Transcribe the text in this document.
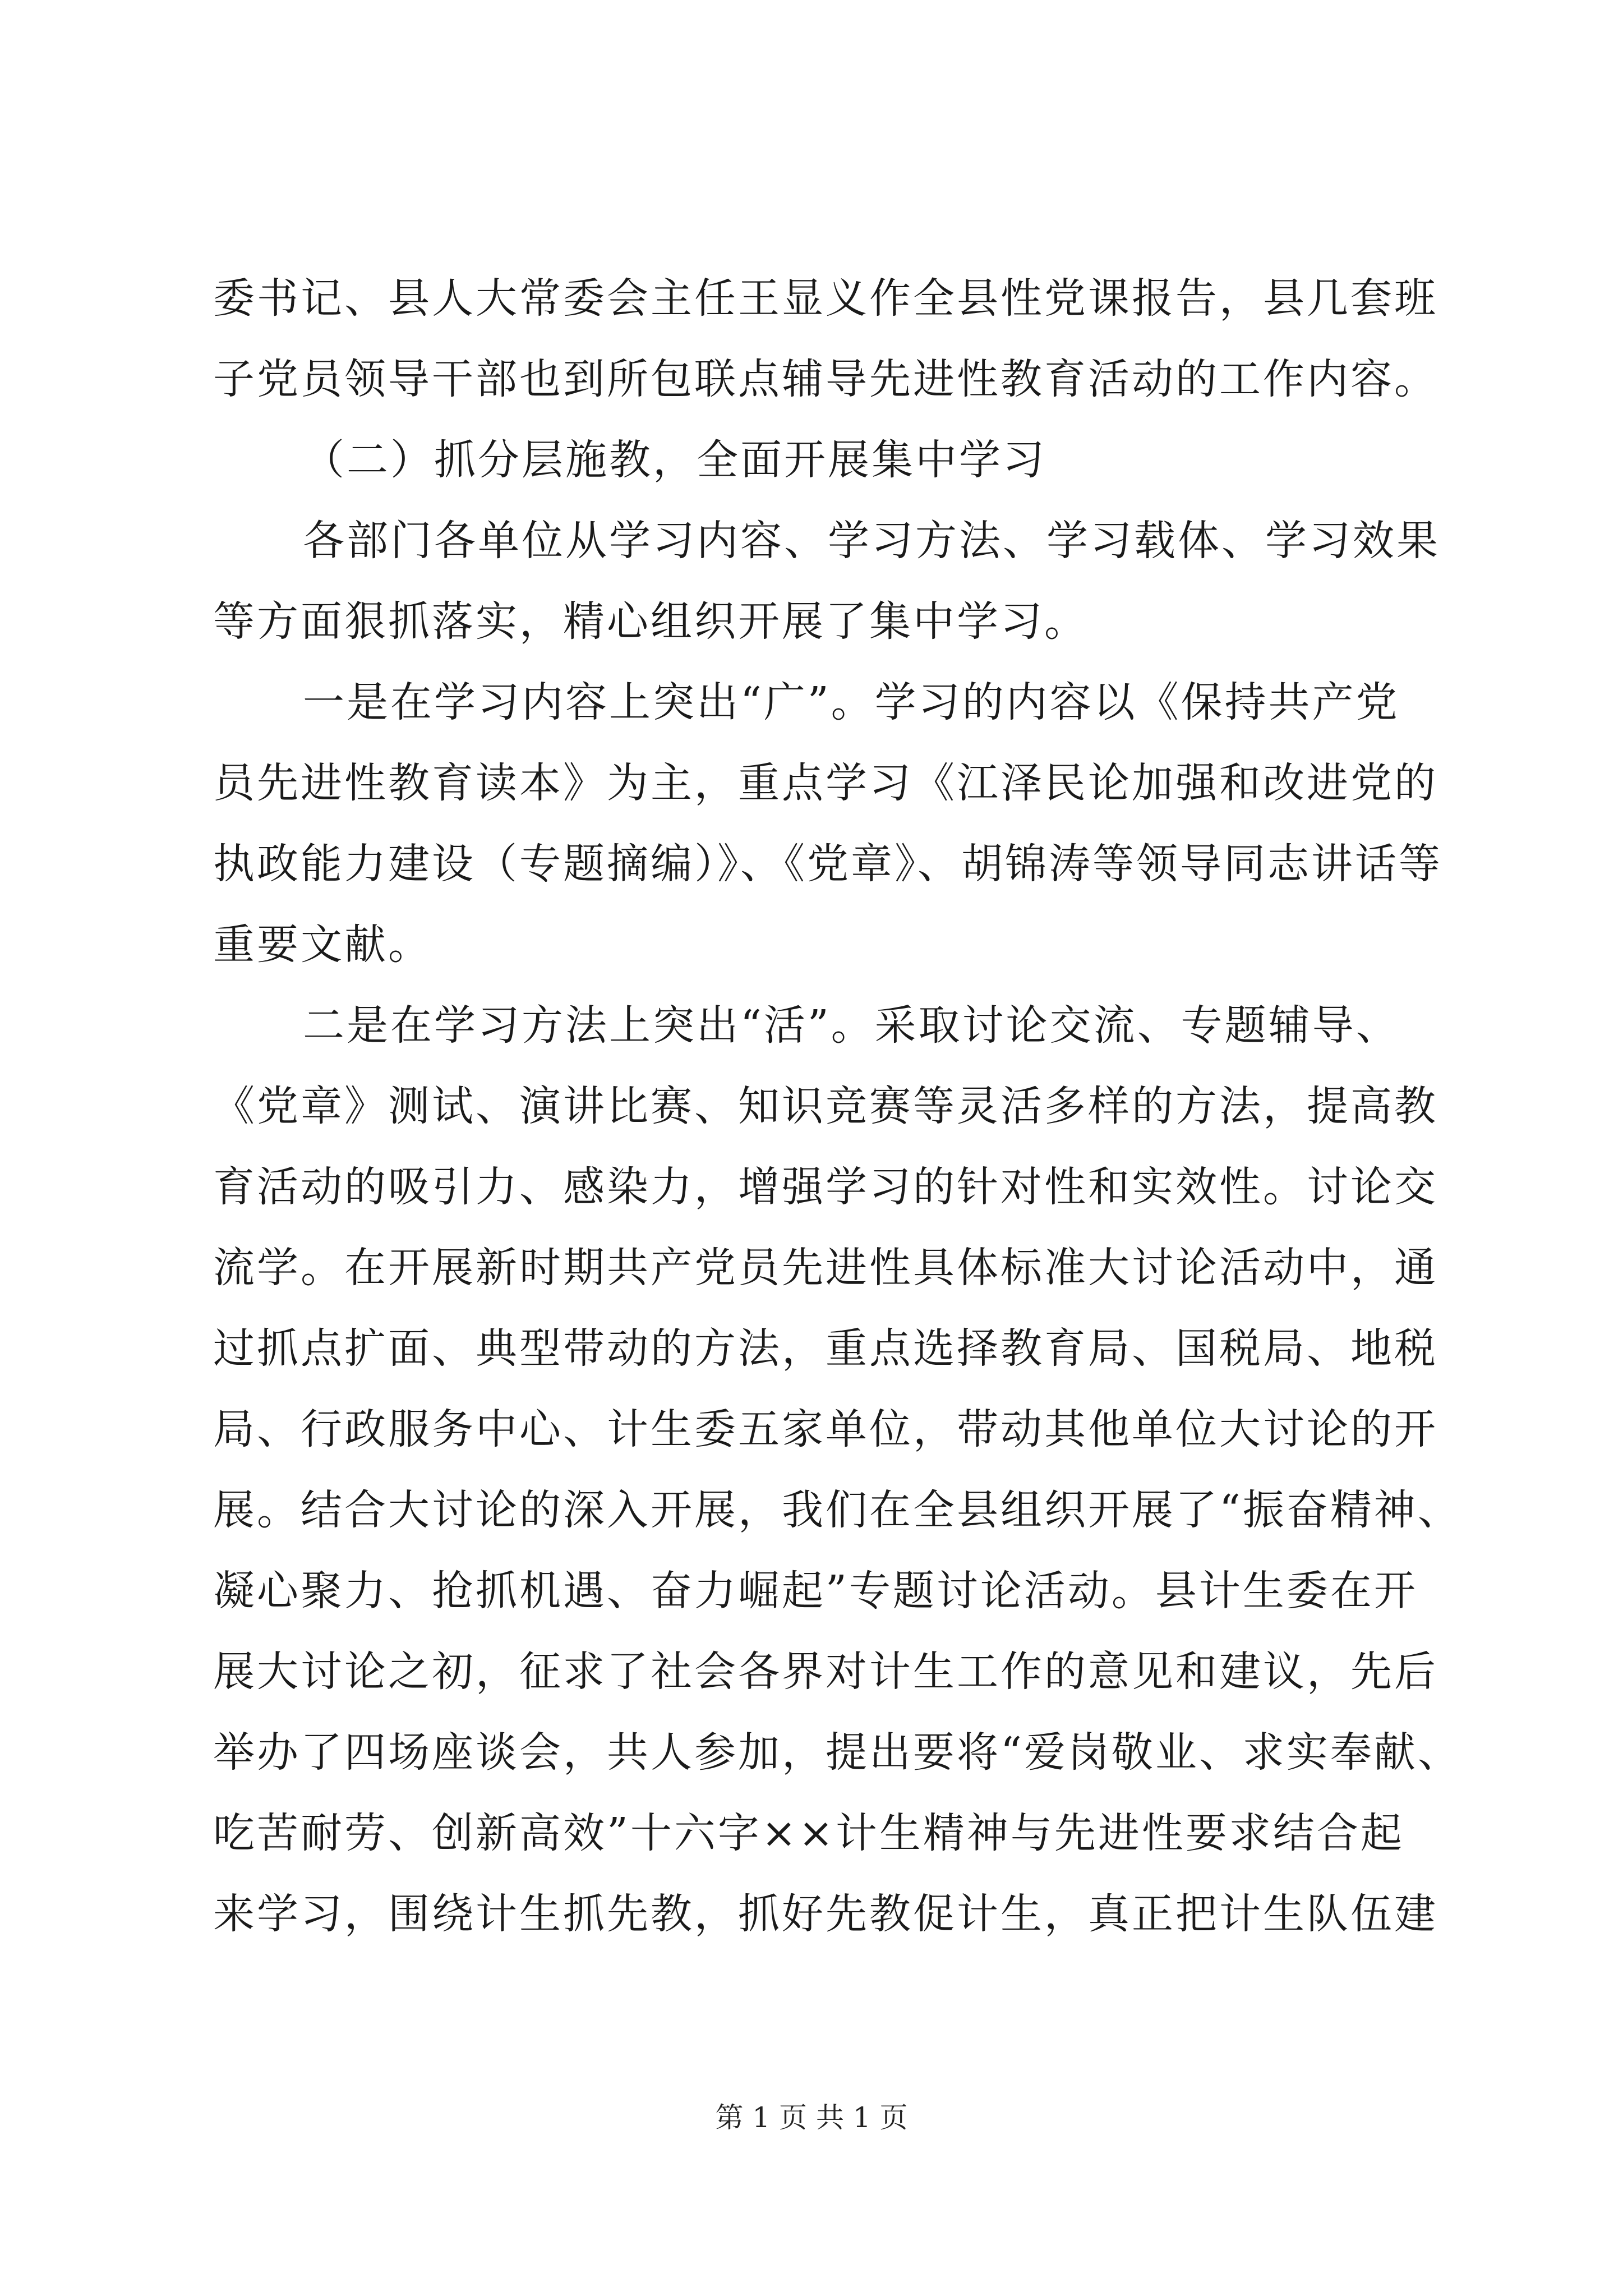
委书记、县人大常委会主任王显义作全县性党课报告，县几套班
子党员领导干部也到所包联点辅导先进性教育活动的工作内容。
（二）抓分层施教，全面开展集中学习
各部门各单位从学习内容、学习方法、学习载体、学习效果
等方面狠抓落实，精心组织开展了集中学习。
一是在学习内容上突出“广”。学习的内容以《保持共产党
员先进性教育读本》为主，重点学习《江泽民论加强和改进党的
执政能力建设（专题摘编）》、《党章》、胡锦涛等领导同志讲话等
重要文献。
二是在学习方法上突出“活”。采取讨论交流、专题辅导、
《党章》测试、演讲比赛、知识竞赛等灵活多样的方法，提高教
育活动的吸引力、感染力，增强学习的针对性和实效性。讨论交
流学。在开展新时期共产党员先进性具体标准大讨论活动中，通
过抓点扩面、典型带动的方法，重点选择教育局、国税局、地税
局、行政服务中心、计生委五家单位，带动其他单位大讨论的开
展。结合大讨论的深入开展，我们在全县组织开展了“振奋精神、
凝心聚力、抢抓机遇、奋力崛起”专题讨论活动。县计生委在开
展大讨论之初，征求了社会各界对计生工作的意见和建议，先后
举办了四场座谈会，共人参加，提出要将“爱岗敬业、求实奉献、
吃苦耐劳、创新高效”十六字××计生精神与先进性要求结合起
来学习，围绕计生抓先教，抓好先教促计生，真正把计生队伍建
第 1 页 共 1 页
